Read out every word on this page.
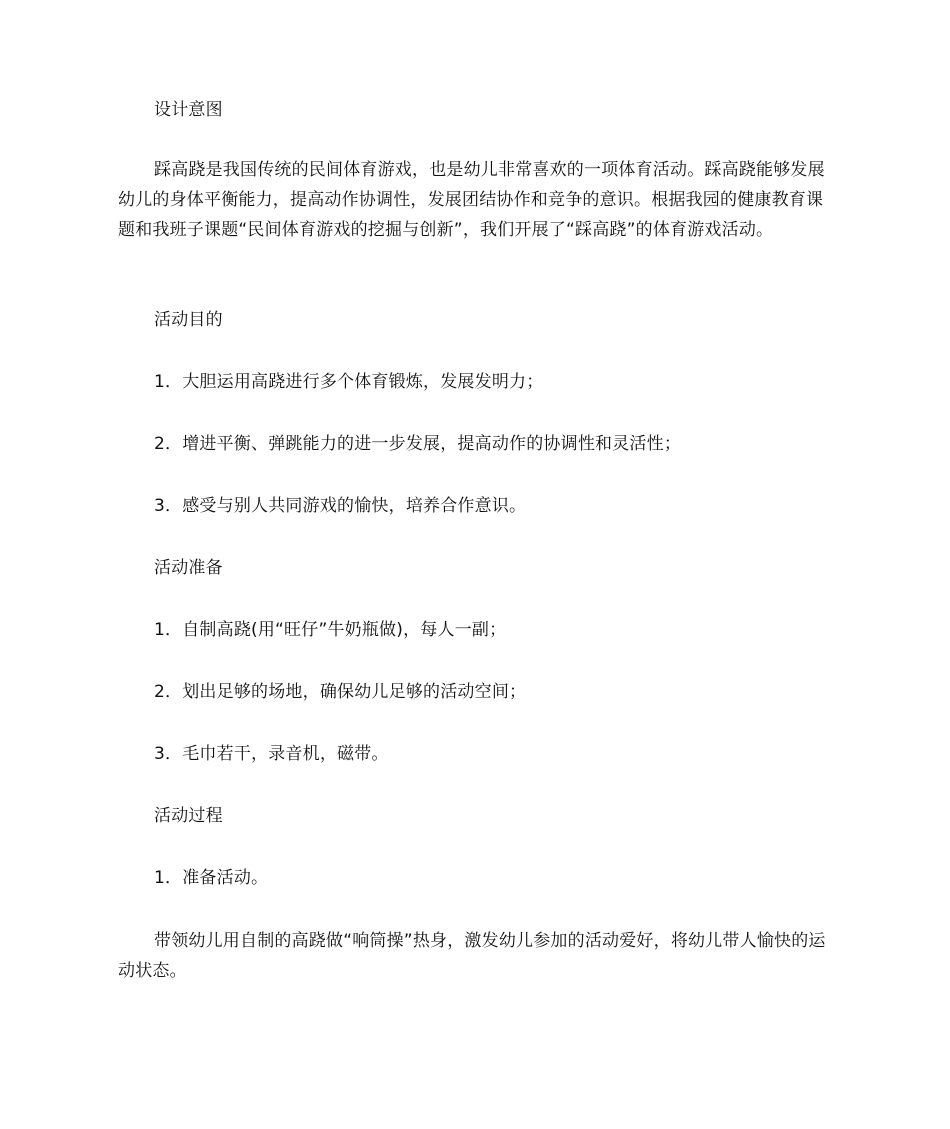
设计意图

踩高跷是我国传统的民间体育游戏，也是幼儿非常喜欢的一项体育活动。踩高跷能够发展幼儿的身体平衡能力，提高动作协调性，发展团结协作和竞争的意识。根据我园的健康教育课题和我班子课题“民间体育游戏的挖掘与创新”，我们开展了“踩高跷”的体育游戏活动。

活动目的

1．大胆运用高跷进行多个体育锻炼，发展发明力；

2．增进平衡、弹跳能力的进一步发展，提高动作的协调性和灵活性；

3．感受与别人共同游戏的愉快，培养合作意识。

活动准备

1．自制高跷(用“旺仔”牛奶瓶做)，每人一副；

2．划出足够的场地，确保幼儿足够的活动空间；

3．毛巾若干，录音机，磁带。

活动过程

1．准备活动。

带领幼儿用自制的高跷做“响筒操”热身，激发幼儿参加的活动爱好，将幼儿带人愉快的运动状态。
